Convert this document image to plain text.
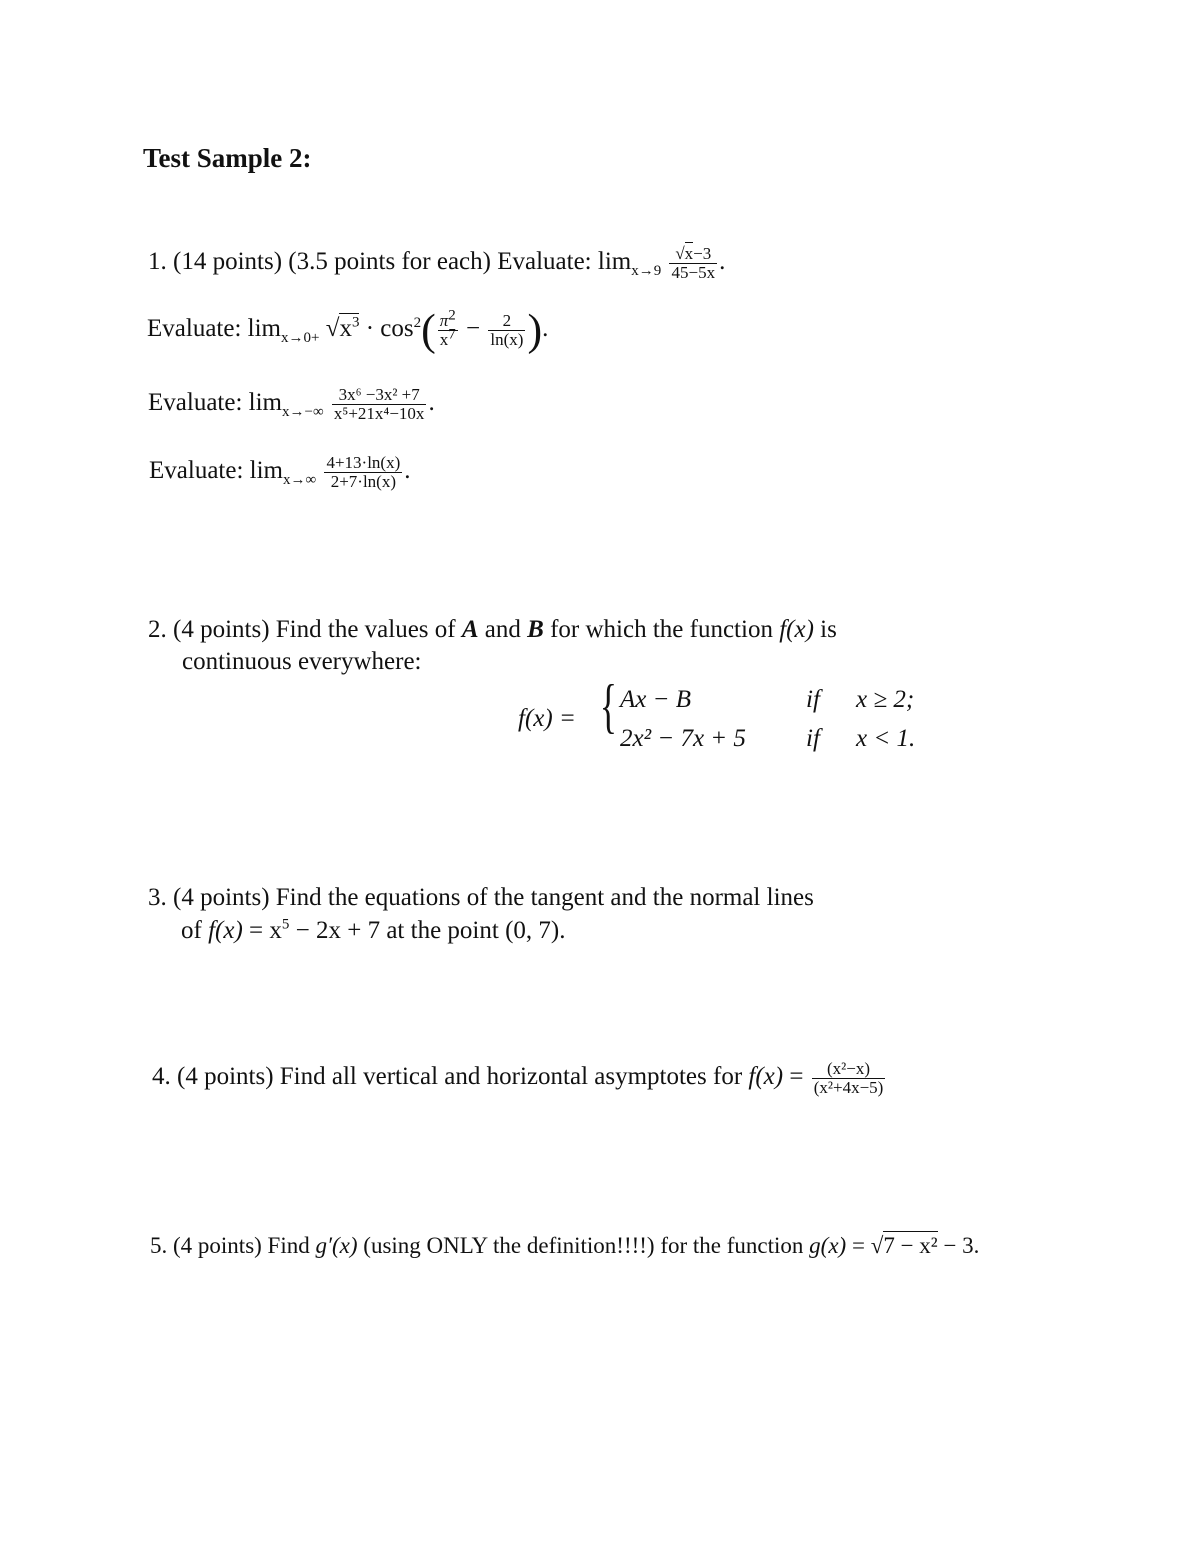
Test Sample 2:
1. (14 points) (3.5 points for each) Evaluate: $\lim_{x\to 9} \frac{√x-3}{45-5x}$ .
Evaluate: $\lim_{x\to 0+} √x^3 \cdot \cos^2( \frac{\pi^2}{x^7} - \frac{2}{\ln(x)}$ ).
Evaluate: $\lim_{x\to-\infty} \frac{\text{3x⁶ −3x² +7}}{\text{x⁵+21x⁴−10x}}$ .
Evaluate: $\lim_{x\to\infty} \frac{4+13\cdot\ln(x)}{2+7\cdot\ln(x)}$ .
2. (4 points) Find the values of A and B for which the function f(x) is
continuous everywhere:
f(x) = { Ax − B	if x ≥ 2;
2x² − 7x + 5 if x < 1.
3. (4 points) Find the equations of the tangent and the normal lines
of $f(x) = x^5 - 2x + 7$ at the point (0, 7).
4. (4 points) Find all vertical and horizontal asymptotes for $f(x) = \frac{\text{(x²−x)}}{\text{(x²+4x−5)}}$
5. (4 points) Find g′(x) (using ONLY the definition!!!!) for the function g(x) = √7 − x² − 3.
